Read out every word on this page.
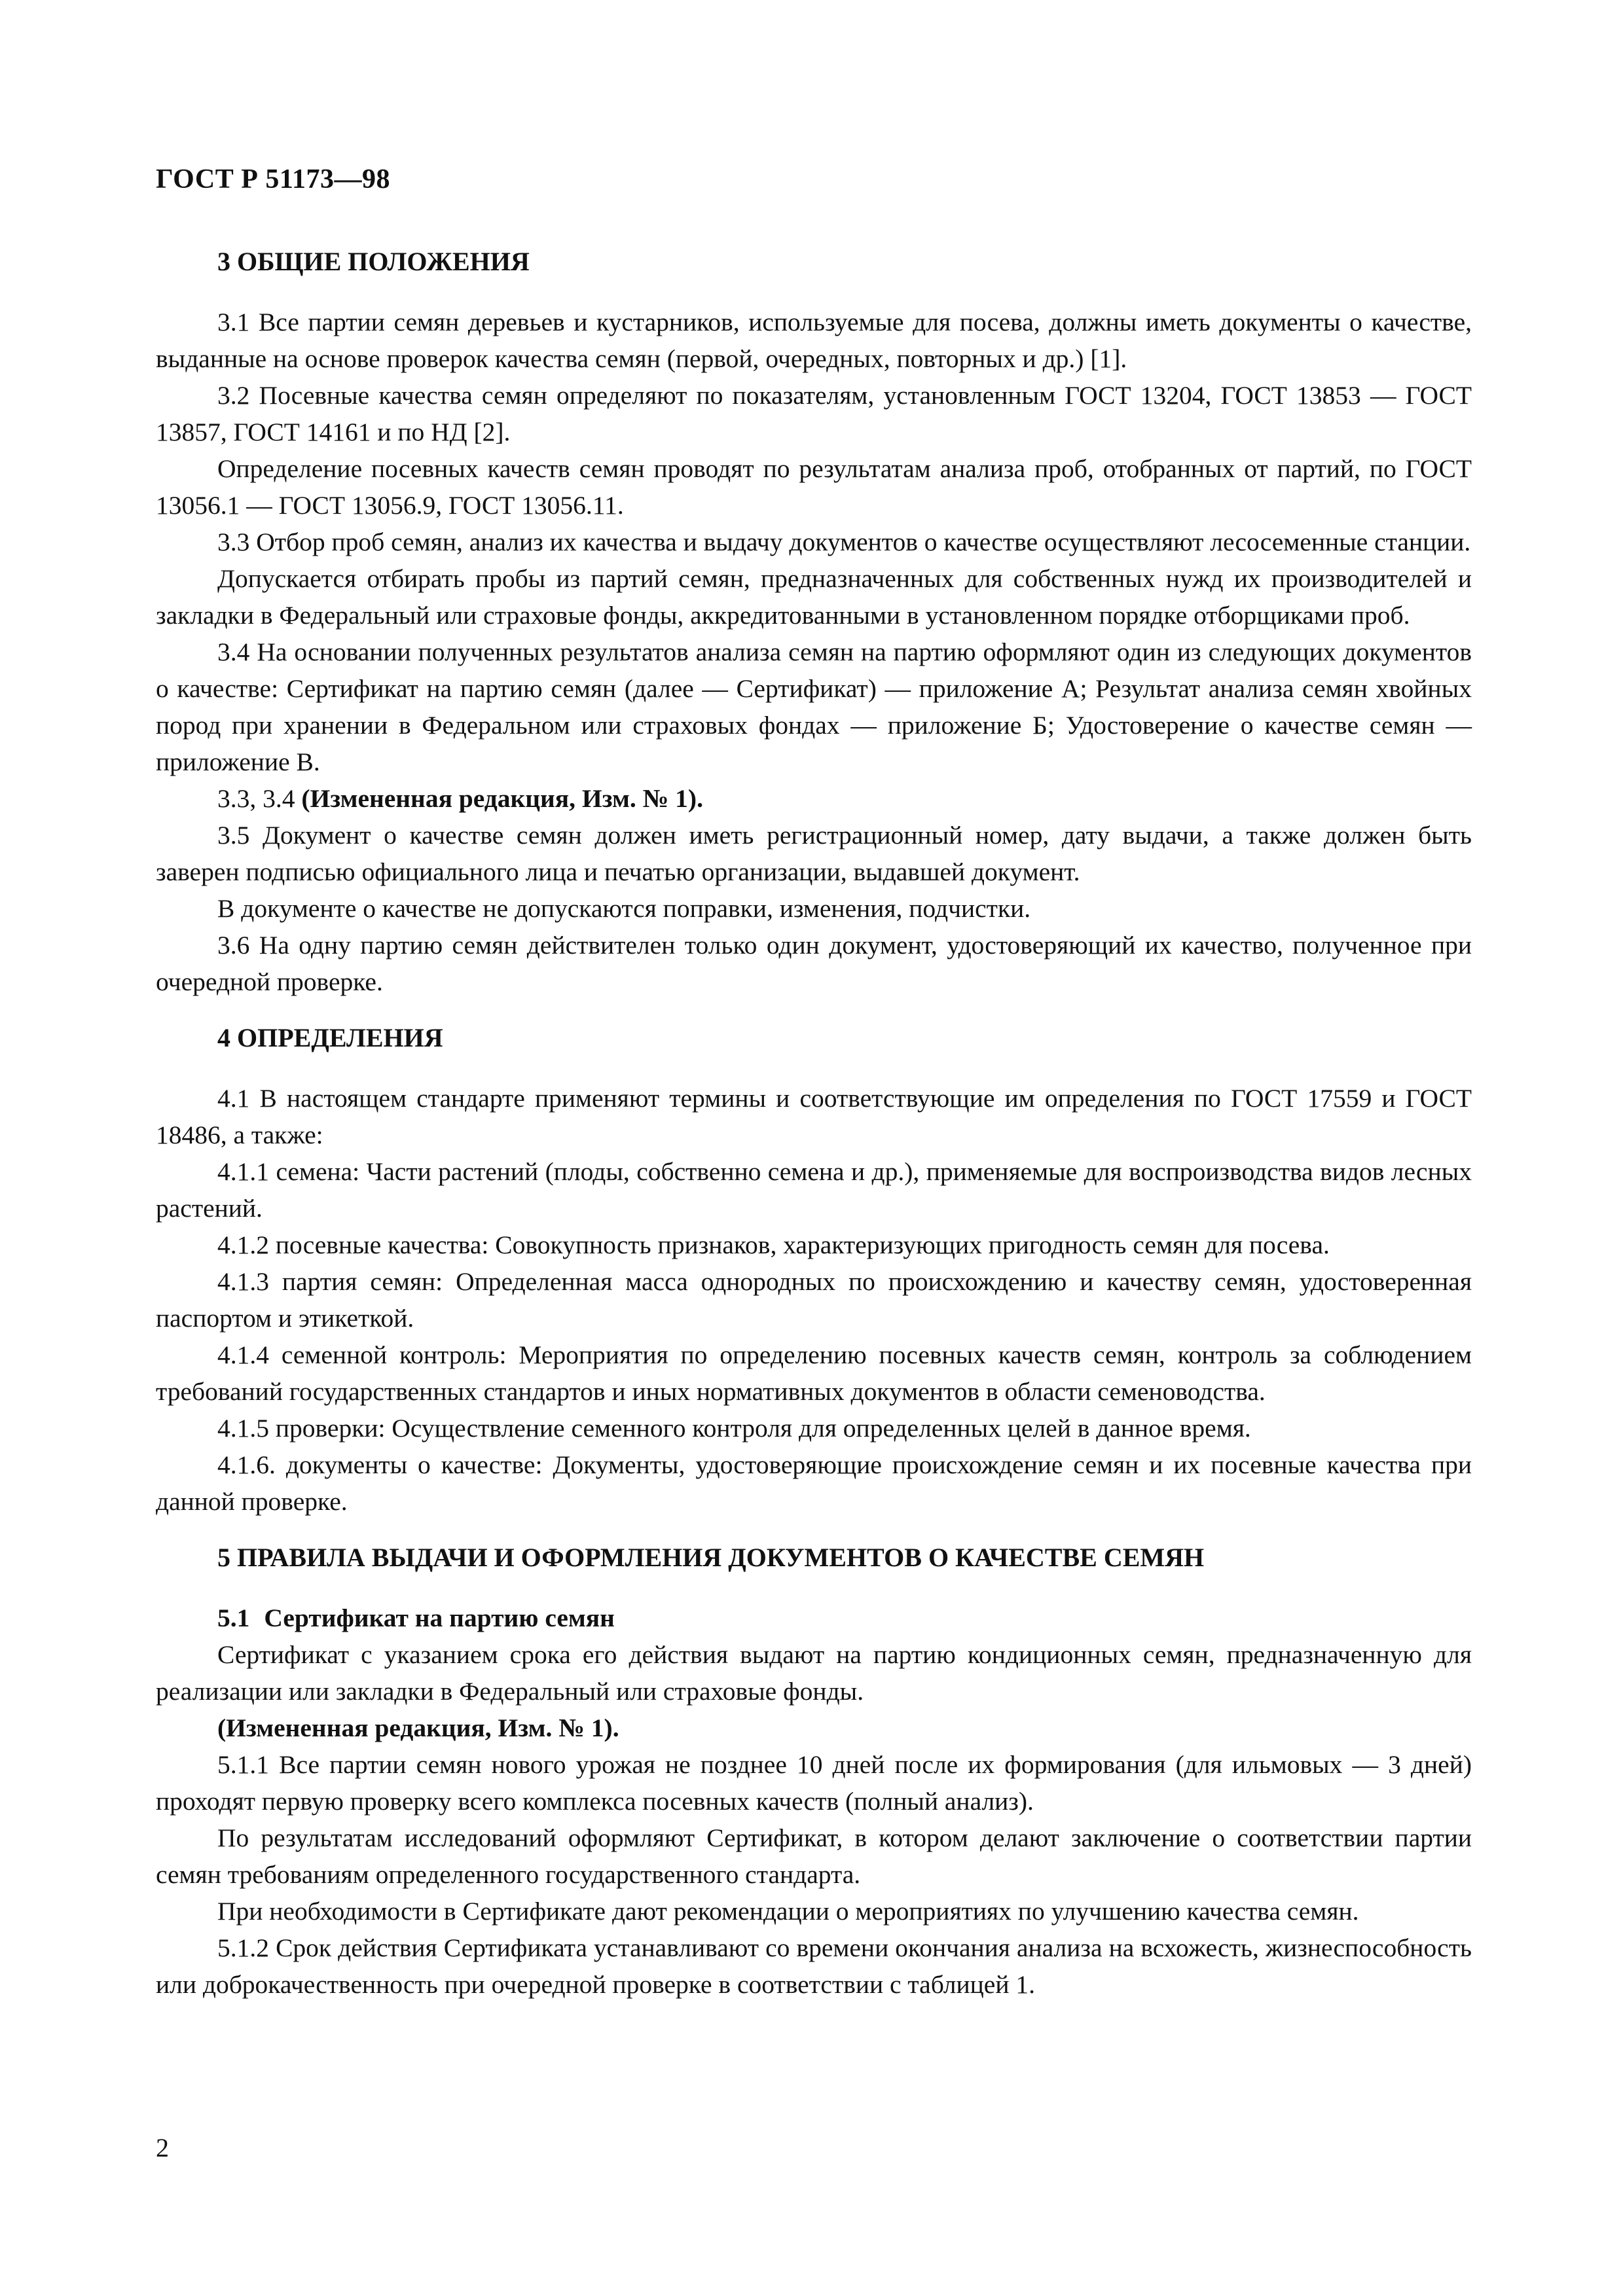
ГОСТ Р 51173—98
3 ОБЩИЕ ПОЛОЖЕНИЯ

3.1 Все партии семян деревьев и кустарников, используемые для посева, должны иметь документы о качестве, выданные на основе проверок качества семян (первой, очередных, повторных и др.) [1].

3.2 Посевные качества семян определяют по показателям, установленным ГОСТ 13204, ГОСТ 13853 — ГОСТ 13857, ГОСТ 14161 и по НД [2].

Определение посевных качеств семян проводят по результатам анализа проб, отобранных от партий, по ГОСТ 13056.1 — ГОСТ 13056.9, ГОСТ 13056.11.

3.3 Отбор проб семян, анализ их качества и выдачу документов о качестве осуществляют лесосеменные станции.

Допускается отбирать пробы из партий семян, предназначенных для собственных нужд их производителей и закладки в Федеральный или страховые фонды, аккредитованными в установленном порядке отборщиками проб.

3.4 На основании полученных результатов анализа семян на партию оформляют один из следующих документов о качестве: Сертификат на партию семян (далее — Сертификат) — приложение А; Результат анализа семян хвойных пород при хранении в Федеральном или страховых фондах — приложение Б; Удостоверение о качестве семян — приложение В.

3.3, 3.4 (Измененная редакция, Изм. № 1).

3.5 Документ о качестве семян должен иметь регистрационный номер, дату выдачи, а также должен быть заверен подписью официального лица и печатью организации, выдавшей документ.

В документе о качестве не допускаются поправки, изменения, подчистки.

3.6 На одну партию семян действителен только один документ, удостоверяющий их качество, полученное при очередной проверке.

4 ОПРЕДЕЛЕНИЯ

4.1 В настоящем стандарте применяют термины и соответствующие им определения по ГОСТ 17559 и ГОСТ 18486, а также:

4.1.1 семена: Части растений (плоды, собственно семена и др.), применяемые для воспроизводства видов лесных растений.

4.1.2 посевные качества: Совокупность признаков, характеризующих пригодность семян для посева.

4.1.3 партия семян: Определенная масса однородных по происхождению и качеству семян, удостоверенная паспортом и этикеткой.

4.1.4 семенной контроль: Мероприятия по определению посевных качеств семян, контроль за соблюдением требований государственных стандартов и иных нормативных документов в области семеноводства.

4.1.5 проверки: Осуществление семенного контроля для определенных целей в данное время.

4.1.6. документы о качестве: Документы, удостоверяющие происхождение семян и их посевные качества при данной проверке.

5 ПРАВИЛА ВЫДАЧИ И ОФОРМЛЕНИЯ ДОКУМЕНТОВ О КАЧЕСТВЕ СЕМЯН
5.1 Сертификат на партию семян

Сертификат с указанием срока его действия выдают на партию кондиционных семян, предназначенную для реализации или закладки в Федеральный или страховые фонды.

(Измененная редакция, Изм. № 1).

5.1.1 Все партии семян нового урожая не позднее 10 дней после их формирования (для ильмовых — 3 дней) проходят первую проверку всего комплекса посевных качеств (полный анализ).

По результатам исследований оформляют Сертификат, в котором делают заключение о соответствии партии семян требованиям определенного государственного стандарта.

При необходимости в Сертификате дают рекомендации о мероприятиях по улучшению качества семян.

5.1.2 Срок действия Сертификата устанавливают со времени окончания анализа на всхожесть, жизнеспособность или доброкачественность при очередной проверке в соответствии с таблицей 1.

2
